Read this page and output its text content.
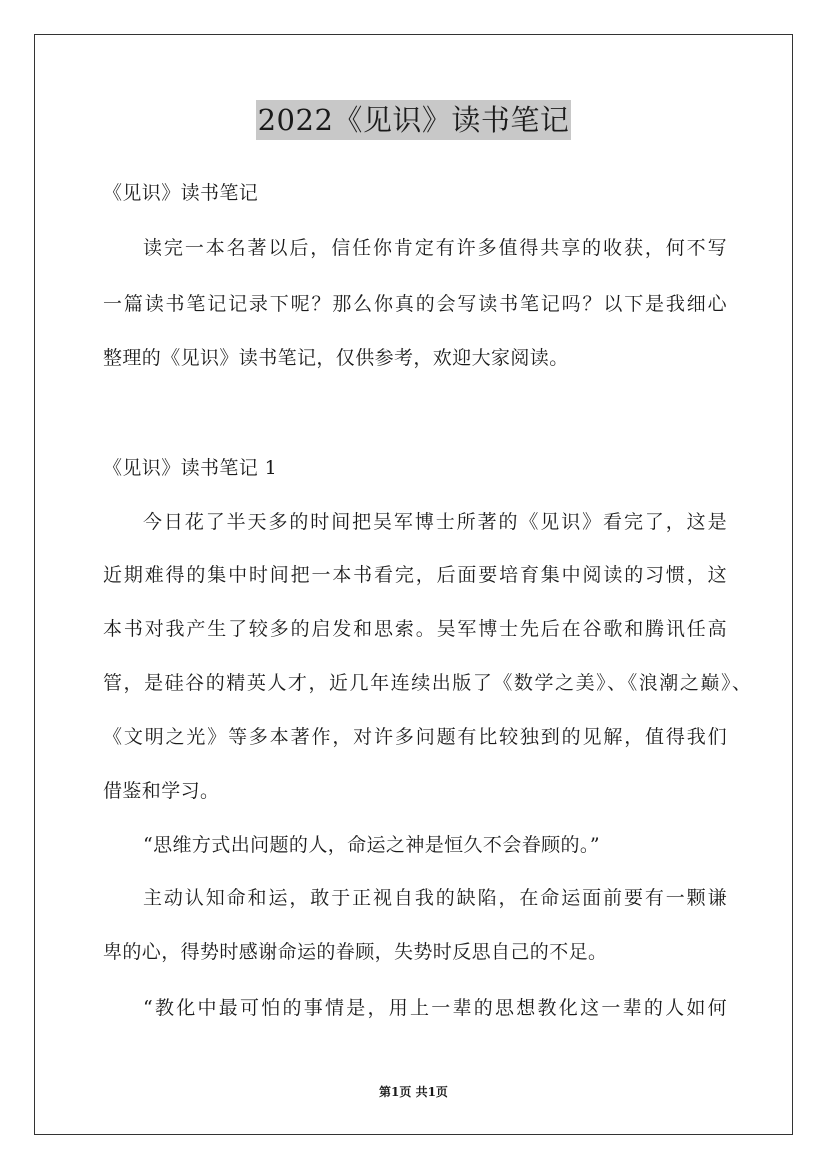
2022《见识》读书笔记
《见识》读书笔记
读完一本名著以后，信任你肯定有许多值得共享的收获，何不写
一篇读书笔记记录下呢？那么你真的会写读书笔记吗？以下是我细心
整理的《见识》读书笔记，仅供参考，欢迎大家阅读。
《见识》读书笔记 1
今日花了半天多的时间把吴军博士所著的《见识》看完了，这是
近期难得的集中时间把一本书看完，后面要培育集中阅读的习惯，这
本书对我产生了较多的启发和思索。吴军博士先后在谷歌和腾讯任高
管，是硅谷的精英人才，近几年连续出版了《数学之美》、《浪潮之巅》、
《文明之光》等多本著作，对许多问题有比较独到的见解，值得我们
借鉴和学习。
“思维方式出问题的人，命运之神是恒久不会眷顾的。”
主动认知命和运，敢于正视自我的缺陷，在命运面前要有一颗谦
卑的心，得势时感谢命运的眷顾，失势时反思自己的不足。
“教化中最可怕的事情是，用上一辈的思想教化这一辈的人如何
第1页 共1页
